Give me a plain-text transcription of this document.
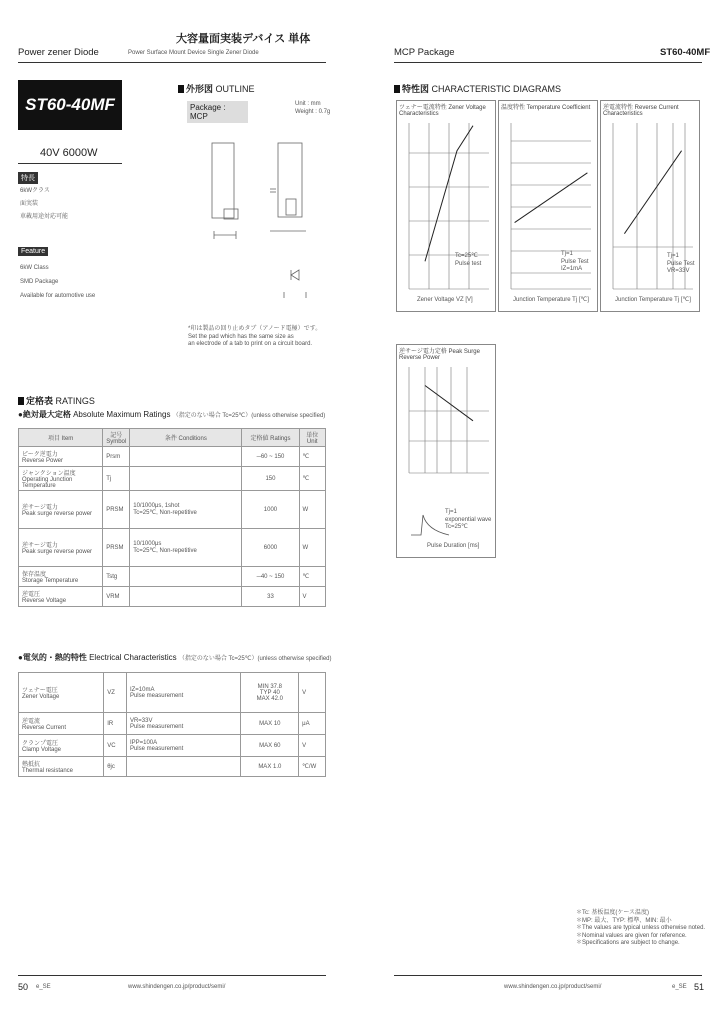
大容量面実装デバイス 単体
Power zener Diode	Power Surface Mount Device Single Zener Diode	MCP Package	ST60-40MF
ST60-40MF
40V 6000W
特長
6kWクラス
面実装
車載用途対応可能
Feature
6kW Class
SMD Package
Available for automotive use
外形図 OUTLINE
Package : MCP
Unit : mm
Weight : 0.7g
*印は製品の回り止めタブ（アノード電極）です。
Set the pad which has the same size as
an electrode of a tab to print on a circuit board.
特性図 CHARACTERISTIC DIAGRAMS
ツェナー電流特性 Zener Voltage Characteristics
Tc=25℃
Pulse test
Zener Voltage VZ [V]
温度特性 Temperature Coefficient
Tj=1
Pulse Test
IZ=1mA
Junction Temperature Tj [℃]
逆電流特性 Reverse Current Characteristics
Tj=1
Pulse Test
VR=33V
Junction Temperature Tj [℃]
逆サージ電力定格 Peak Surge Reverse Power
Tj=1
exponential wave
Tc=25℃
Pulse Duration [ms]
定格表 RATINGS
●絶対最大定格 Absolute Maximum Ratings （指定のない場合 Tc=25℃）(unless otherwise specified)
項目 Item	記号 Symbol	条件 Conditions	定格値 Ratings	単位 Unit
ピーク逆電力
Reverse Power	Prsm		─60 ~ 150	℃
ジャンクション温度
Operating Junction Temperature	Tj		150	℃
逆サージ電力
Peak surge reverse power	PRSM	10/1000μs, 1shot
Tc=25℃, Non-repetitive	1000	W
逆サージ電力
Peak surge reverse power	PRSM	10/1000μs
Tc=25℃, Non-repetitive	6000	W
保存温度
Storage Temperature	Tstg		─40 ~ 150	℃
逆電圧
Reverse Voltage	VRM		33	V
●電気的・熱的特性 Electrical Characteristics （指定のない場合 Tc=25℃）(unless otherwise specified)
ツェナー電圧
Zener Voltage	VZ	IZ=10mA
Pulse measurement	MIN 37.8
TYP 40
MAX 42.0	V
逆電流
Reverse Current	IR	VR=33V
Pulse measurement	MAX 10	μA
クランプ電圧
Clamp Voltage	VC	IPP=100A
Pulse measurement	MAX 60	V
熱抵抗
Thermal resistance	θjc		MAX 1.0	℃/W
＊Tc: 基板温度(ケース温度)
＊MP: 最大、TYP: 標準、MIN: 最小
＊The values are typical unless otherwise noted.
＊Nominal values are given for reference.
＊Specifications are subject to change.
50 e_SE	www.shindengen.co.jp/product/semi/	www.shindengen.co.jp/product/semi/	e_SE 51
